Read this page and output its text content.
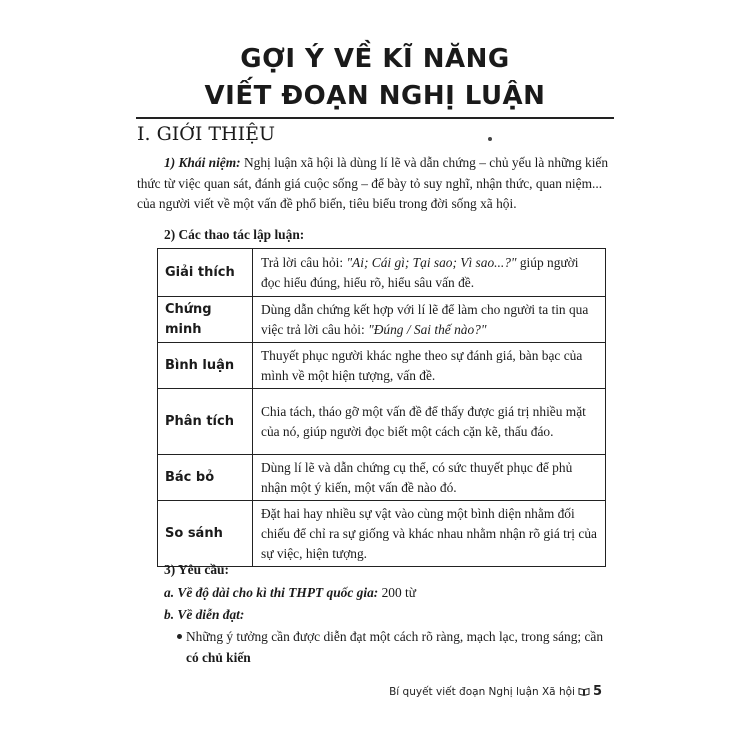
GỢI Ý VỀ KĨ NĂNG
VIẾT ĐOẠN NGHỊ LUẬN
I. GIỚI THIỆU
1) Khái niệm: Nghị luận xã hội là dùng lí lẽ và dẫn chứng – chủ yếu là những kiến thức từ việc quan sát, đánh giá cuộc sống – để bày tỏ suy nghĩ, nhận thức, quan niệm... của người viết về một vấn đề phổ biến, tiêu biểu trong đời sống xã hội.
2) Các thao tác lập luận:
Giải thích	Trả lời câu hỏi: "Ai; Cái gì; Tại sao; Vì sao...?" giúp người đọc hiểu đúng, hiểu rõ, hiểu sâu vấn đề.
Chứng minh	Dùng dẫn chứng kết hợp với lí lẽ để làm cho người ta tin qua việc trả lời câu hỏi: "Đúng / Sai thế nào?"
Bình luận	Thuyết phục người khác nghe theo sự đánh giá, bàn bạc của mình về một hiện tượng, vấn đề.
Phân tích	Chia tách, tháo gỡ một vấn đề để thấy được giá trị nhiều mặt của nó, giúp người đọc biết một cách cặn kẽ, thấu đáo.
Bác bỏ	Dùng lí lẽ và dẫn chứng cụ thể, có sức thuyết phục để phủ nhận một ý kiến, một vấn đề nào đó.
So sánh	Đặt hai hay nhiều sự vật vào cùng một bình diện nhằm đối chiếu để chỉ ra sự giống và khác nhau nhằm nhận rõ giá trị của sự việc, hiện tượng.
3) Yêu cầu:
a. Về độ dài cho kì thi THPT quốc gia: 200 từ
b. Về diễn đạt:
Những ý tưởng cần được diễn đạt một cách rõ ràng, mạch lạc, trong sáng; cần có chủ kiến
Bí quyết viết đoạn Nghị luận Xã hội 5
